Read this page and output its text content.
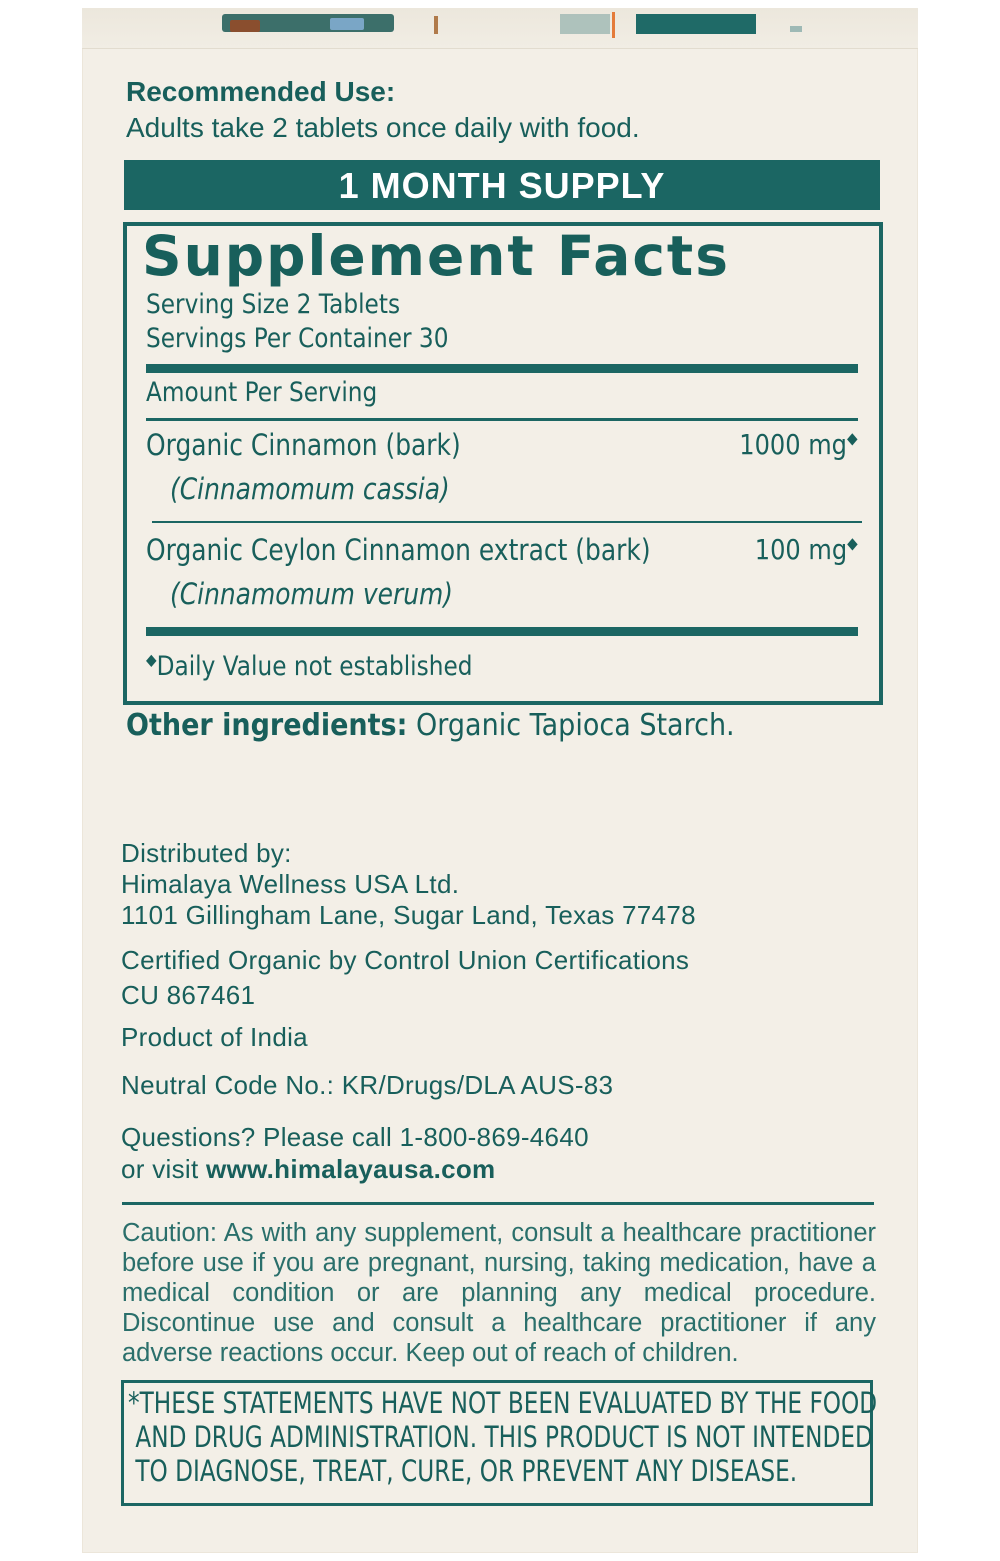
Recommended Use:

Adults take 2 tablets once daily with food.

1 MONTH SUPPLY

Supplement Facts

Serving Size 2 Tablets

Servings Per Container 30

Amount Per Serving

Organic Cinnamon (bark)

(Cinnamomum cassia)

1000 mg◆

Organic Ceylon Cinnamon extract (bark)

(Cinnamomum verum)

100 mg◆

◆Daily Value not established

Other ingredients: Organic Tapioca Starch.

Distributed by:

Himalaya Wellness USA Ltd.

1101 Gillingham Lane, Sugar Land, Texas 77478

Certified Organic by Control Union Certifications

CU 867461

Product of India

Neutral Code No.: KR/Drugs/DLA AUS-83

Questions? Please call 1-800-869-4640

or visit www.himalayausa.com

Caution: As with any supplement, consult a healthcare practitioner before use if you are pregnant, nursing, taking medication, have a medical condition or are planning any medical procedure. Discontinue use and consult a healthcare practitioner if any adverse reactions occur. Keep out of reach of children.

*THESE STATEMENTS HAVE NOT BEEN EVALUATED BY THE FOOD
AND DRUG ADMINISTRATION. THIS PRODUCT IS NOT INTENDED
TO DIAGNOSE, TREAT, CURE, OR PREVENT ANY DISEASE.
